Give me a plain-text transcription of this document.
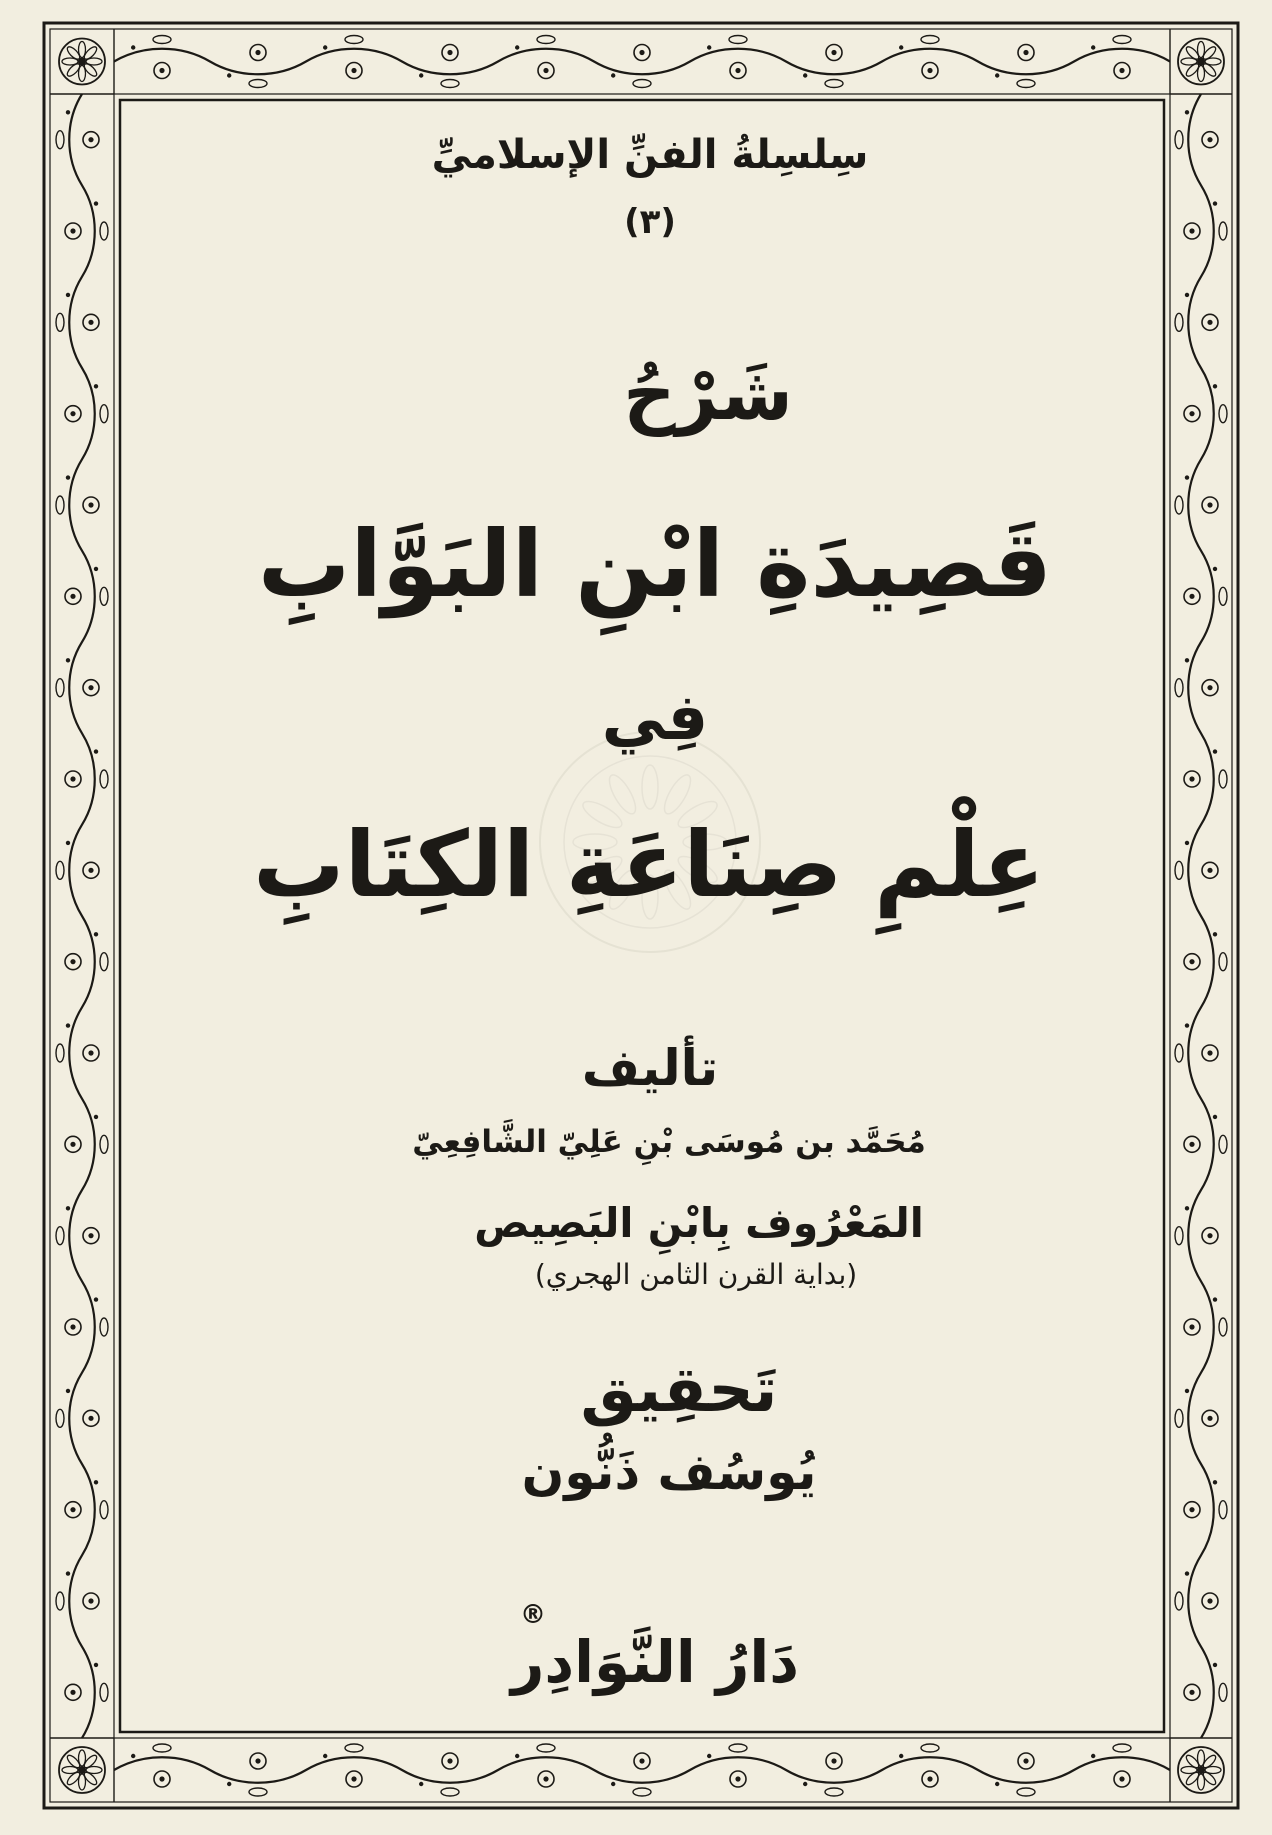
سِلسِلةُ الفنِّ الإسلاميِّ
(٣)
شَرْحُ
قَصِيدَةِ ابْنِ البَوَّابِ
فِي
عِلْمِ صِنَاعَةِ الكِتَابِ
تأليف
مُحَمَّد بن مُوسَى بْنِ عَلِيّ الشَّافِعِيّ
المَعْرُوف بِابْنِ البَصِيص
(بداية القرن الثامن الهجري)
تَحقِيق
يُوسُف ذَنُّون
دَارُ النَّوَادِر
®
